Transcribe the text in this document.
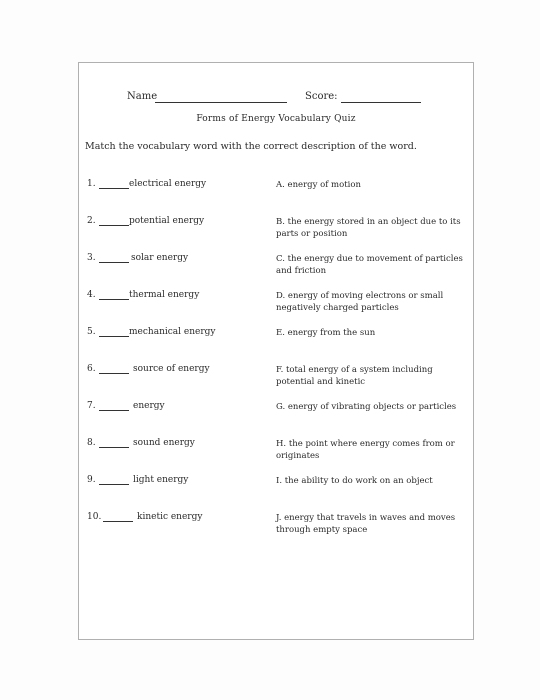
Name	Score:
Forms of Energy Vocabulary Quiz
Match the vocabulary word with the correct description of the word.
1.	electrical energy	A. energy of motion
2.	potential energy	B. the energy stored in an object due to its parts or position
3.	solar energy	C. the energy due to movement of particles and friction
4.	thermal energy	D. energy of moving electrons or small negatively charged particles
5.	mechanical energy	E. energy from the sun
6.	source of energy	F. total energy of a system including potential and kinetic
7.	energy	G. energy of vibrating objects or particles
8.	sound energy	H. the point where energy comes from or originates
9.	light energy	I. the ability to do work on an object
10.	kinetic energy	J. energy that travels in waves and moves through empty space
